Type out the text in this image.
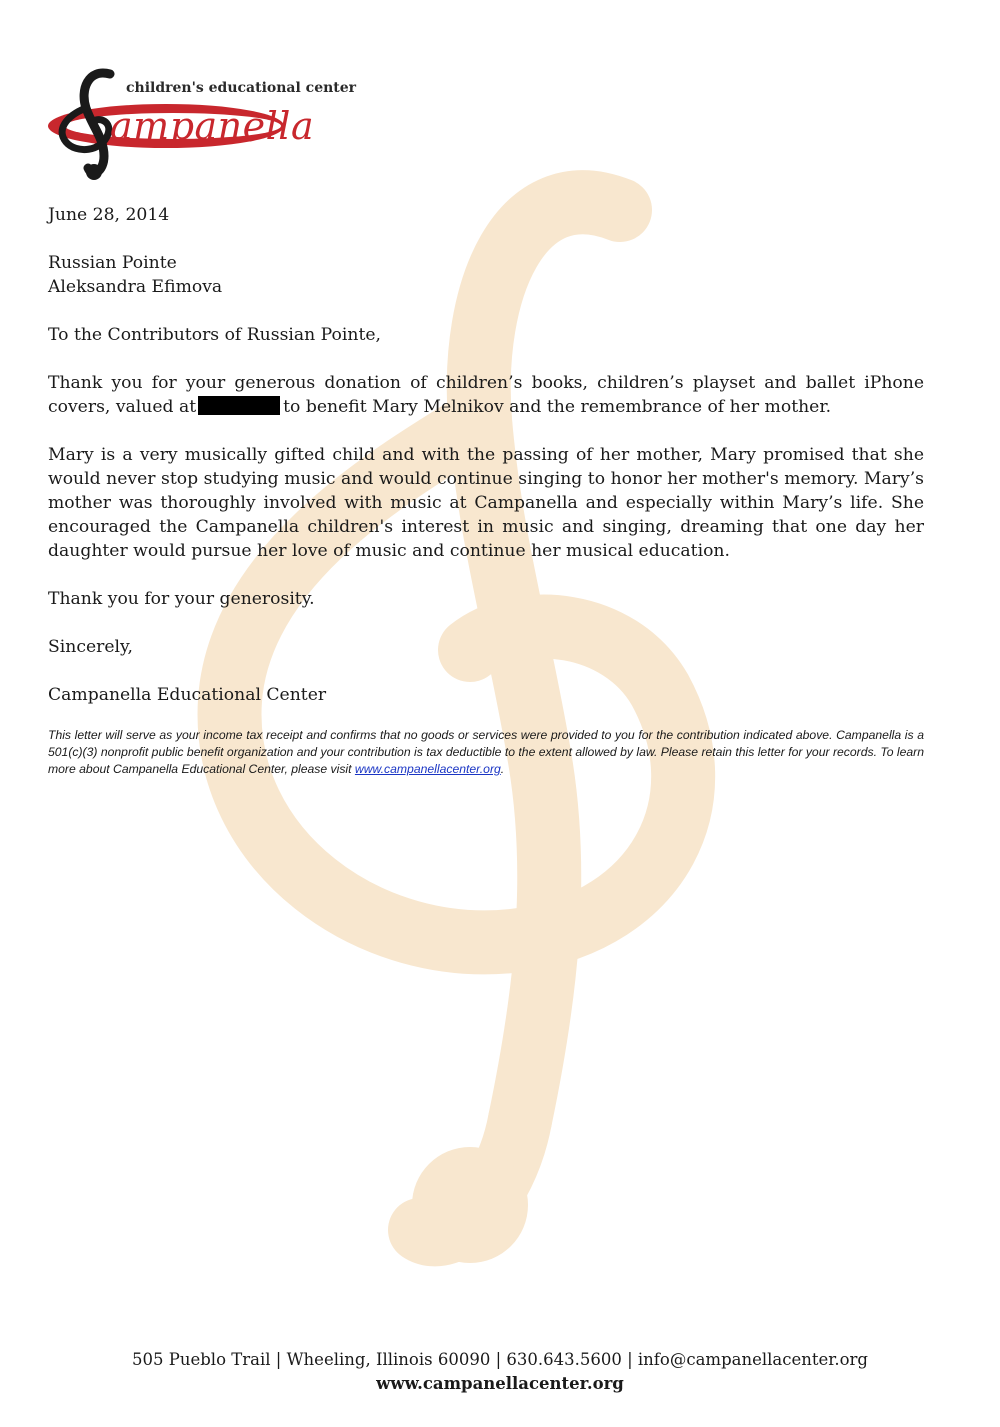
children's educational center
ampanella

June 28, 2014

Russian Pointe

Aleksandra Efimova

To the Contributors of Russian Pointe,

Thank you for your generous donation of children’s books, children’s playset and ballet iPhone covers, valued at	to benefit Mary Melnikov and the remembrance of her mother.

Mary is a very musically gifted child and with the passing of her mother, Mary promised that she would never stop studying music and would continue singing to honor her mother's memory. Mary’s mother was thoroughly involved with music at Campanella and especially within Mary’s life. She encouraged the Campanella children's interest in music and singing, dreaming that one day her daughter would pursue her love of music and continue her musical education.

Thank you for your generosity.

Sincerely,

Campanella Educational Center

This letter will serve as your income tax receipt and confirms that no goods or services were provided to you for the contribution indicated above. Campanella is a 501(c)(3) nonprofit public benefit organization and your contribution is tax deductible to the extent allowed by law. Please retain this letter for your records. To learn more about Campanella Educational Center, please visit www.campanellacenter.org.

505 Pueblo Trail | Wheeling, Illinois 60090 | 630.643.5600 | info@campanellacenter.org
www.campanellacenter.org
